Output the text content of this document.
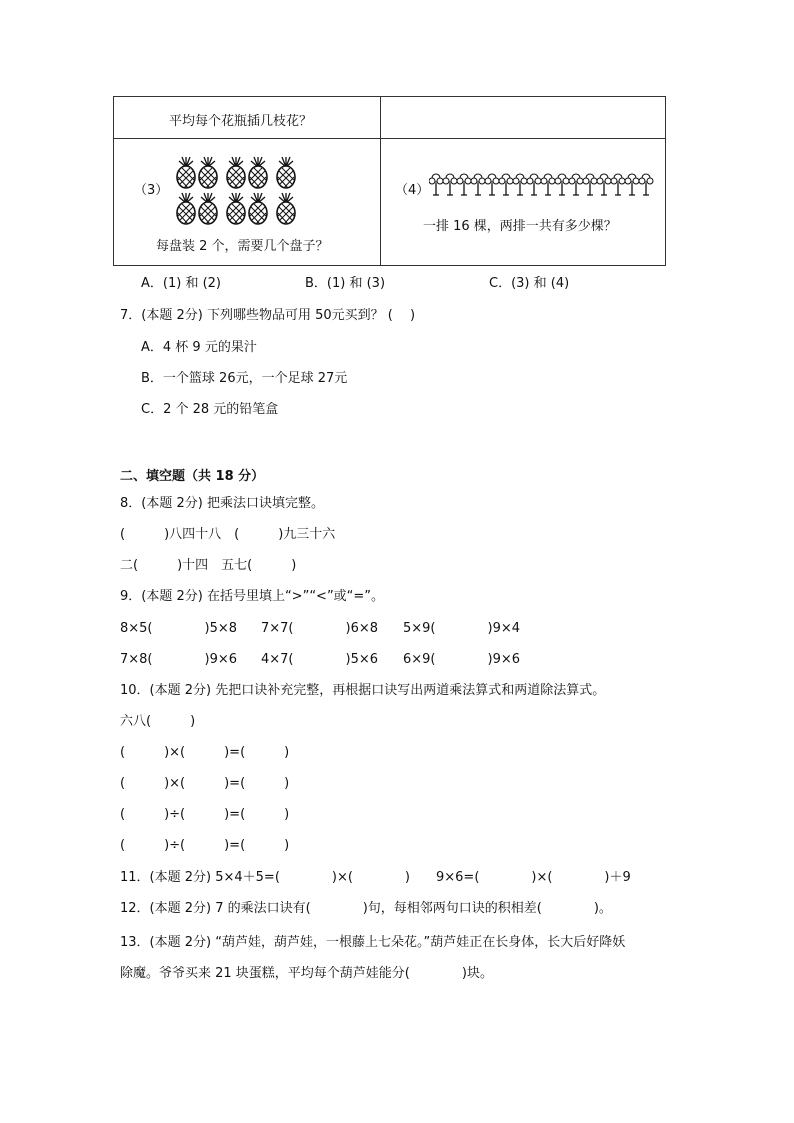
平均每个花瓶插几枝花？	

（3）
每盘装 2 个，需要几个盘子？	（4）
一排 16 棵，两排一共有多少棵？
A．(1) 和 (2)	B．(1) 和 (3)	C．(3) 和 (4)
7．(本题 2分) 下列哪些物品可用 50元买到？ (　 )
A．4 杯 9 元的果汁
B．一个篮球 26元，一个足球 27元
C．2 个 28 元的铅笔盒
二、填空题（共 18 分）
8．(本题 2分) 把乘法口诀填完整。
(　　　)八四十八　(　　　)九三十六
二(　　　)十四　五七(　　　)
9．(本题 2分) 在括号里填上“>”“<”或“=”。
8×5(　　　　)5×8 7×7(　　　　)6×8 5×9(　　　　)9×4
7×8(　　　　)9×6 4×7(　　　　)5×6 6×9(　　　　)9×6
10．(本题 2分) 先把口诀补充完整，再根据口诀写出两道乘法算式和两道除法算式。
六八(　　　)
(　　　)×(　　　)=(　　　)
(　　　)×(　　　)=(　　　)
(　　　)÷(　　　)=(　　　)
(　　　)÷(　　　)=(　　　)
11．(本题 2分) 5×4＋5=(　　　　)×(　　　　)　　9×6=(　　　　)×(　　　　)＋9
12．(本题 2分) 7 的乘法口诀有(　　　　)句，每相邻两句口诀的积相差(　　　　)。
13．(本题 2分) “葫芦娃，葫芦娃，一根藤上七朵花。”葫芦娃正在长身体，长大后好降妖
除魔。爷爷买来 21 块蛋糕，平均每个葫芦娃能分(　　　　)块。
